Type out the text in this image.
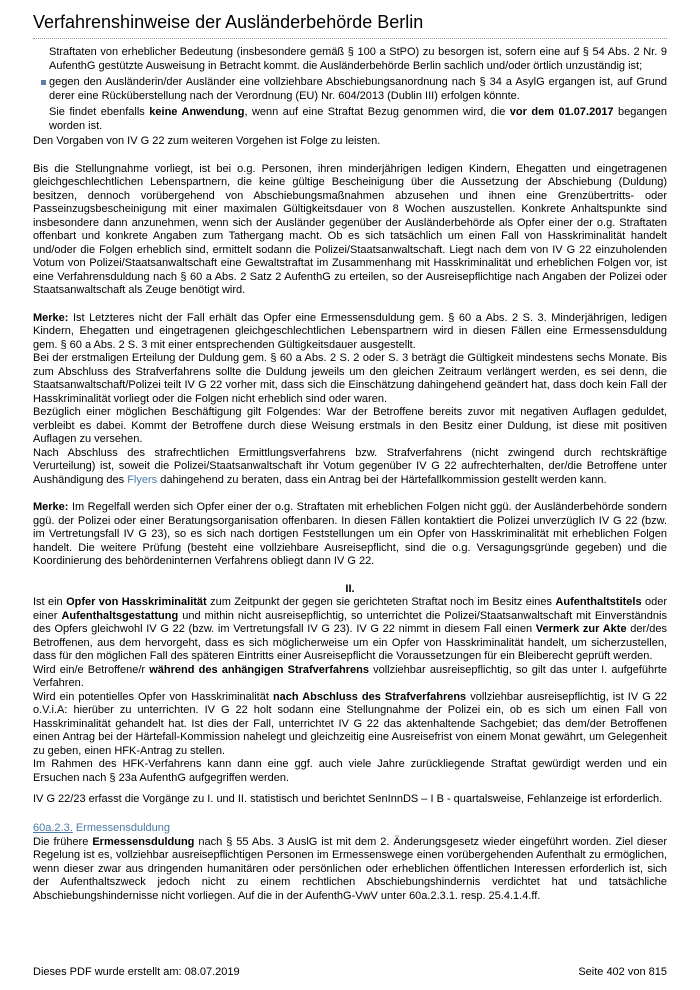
Verfahrenshinweise der Ausländerbehörde Berlin

Straftaten von erheblicher Bedeutung (insbesondere gemäß § 100 a StPO) zu besorgen ist, sofern eine auf § 54 Abs. 2 Nr. 9 AufenthG gestützte Ausweisung in Betracht kommt. die Ausländerbehörde Berlin sachlich und/oder örtlich unzuständig ist;

gegen den Ausländerin/der Ausländer eine vollziehbare Abschiebungsanordnung nach § 34 a AsylG ergangen ist, auf Grund derer eine Rücküberstellung nach der Verordnung (EU) Nr. 604/2013 (Dublin III) erfolgen könnte.

Sie findet ebenfalls keine Anwendung, wenn auf eine Straftat Bezug genommen wird, die vor dem 01.07.2017 begangen worden ist.

Den Vorgaben von IV G 22 zum weiteren Vorgehen ist Folge zu leisten.

Bis die Stellungnahme vorliegt, ist bei o.g. Personen, ihren minderjährigen ledigen Kindern, Ehegatten und eingetragenen gleichgeschlechtlichen Lebenspartnern, die keine gültige Bescheinigung über die Aussetzung der Abschiebung (Duldung) besitzen, dennoch vorübergehend von Abschiebungsmaßnahmen abzusehen und ihnen eine Grenzübertritts- oder Passeinzugsbescheinigung mit einer maximalen Gültigkeitsdauer von 8 Wochen auszustellen. Konkrete Anhaltspunkte sind insbesondere dann anzunehmen, wenn sich der Ausländer gegenüber der Ausländerbehörde als Opfer einer der o.g. Straftaten offenbart und konkrete Angaben zum Tathergang macht. Ob es sich tatsächlich um einen Fall von Hasskriminalität handelt und/oder die Folgen erheblich sind, ermittelt sodann die Polizei/Staatsanwaltschaft. Liegt nach dem von IV G 22 einzuholenden Votum von Polizei/Staatsanwaltschaft eine Gewaltstraftat im Zusammenhang mit Hasskriminalität und erheblichen Folgen vor, ist eine Verfahrensduldung nach § 60 a Abs. 2 Satz 2 AufenthG zu erteilen, so der Ausreisepflichtige nach Angaben der Polizei oder Staatsanwaltschaft als Zeuge benötigt wird.

Merke: Ist Letzteres nicht der Fall erhält das Opfer eine Ermessensduldung gem. § 60 a Abs. 2 S. 3. Minderjährigen, ledigen Kindern, Ehegatten und eingetragenen gleichgeschlechtlichen Lebenspartnern wird in diesen Fällen eine Ermessensduldung gem. § 60 a Abs. 2 S. 3 mit einer entsprechenden Gültigkeitsdauer ausgestellt.

Bei der erstmaligen Erteilung der Duldung gem. § 60 a Abs. 2 S. 2 oder S. 3 beträgt die Gültigkeit mindestens sechs Monate. Bis zum Abschluss des Strafverfahrens sollte die Duldung jeweils um den gleichen Zeitraum verlängert werden, es sei denn, die Staatsanwaltschaft/Polizei teilt IV G 22 vorher mit, dass sich die Einschätzung dahingehend geändert hat, dass doch kein Fall der Hasskriminalität vorliegt oder die Folgen nicht erheblich sind oder waren.

Bezüglich einer möglichen Beschäftigung gilt Folgendes: War der Betroffene bereits zuvor mit negativen Auflagen geduldet, verbleibt es dabei. Kommt der Betroffene durch diese Weisung erstmals in den Besitz einer Duldung, ist diese mit positiven Auflagen zu versehen.

Nach Abschluss des strafrechtlichen Ermittlungsverfahrens bzw. Strafverfahrens (nicht zwingend durch rechtskräftige Verurteilung) ist, soweit die Polizei/Staatsanwaltschaft ihr Votum gegenüber IV G 22 aufrechterhalten, der/die Betroffene unter Aushändigung des Flyers dahingehend zu beraten, dass ein Antrag bei der Härtefallkommission gestellt werden kann.

Merke: Im Regelfall werden sich Opfer einer der o.g. Straftaten mit erheblichen Folgen nicht ggü. der Ausländerbehörde sondern ggü. der Polizei oder einer Beratungsorganisation offenbaren. In diesen Fällen kontaktiert die Polizei unverzüglich IV G 22 (bzw. im Vertretungsfall IV G 23), so es sich nach dortigen Feststellungen um ein Opfer von Hasskriminalität mit erheblichen Folgen handelt. Die weitere Prüfung (besteht eine vollziehbare Ausreisepflicht, sind die o.g. Versagungsgründe gegeben) und die Koordinierung des behördeninternen Verfahrens obliegt dann IV G 22.

II.

Ist ein Opfer von Hasskriminalität zum Zeitpunkt der gegen sie gerichteten Straftat noch im Besitz eines Aufenthaltstitels oder einer Aufenthaltsgestattung und mithin nicht ausreisepflichtig, so unterrichtet die Polizei/Staatsanwaltschaft mit Einverständnis des Opfers gleichwohl IV G 22 (bzw. im Vertretungsfall IV G 23). IV G 22 nimmt in diesem Fall einen Vermerk zur Akte der/des Betroffenen, aus dem hervorgeht, dass es sich möglicherweise um ein Opfer von Hasskriminalität handelt, um sicherzustellen, dass für den möglichen Fall des späteren Eintritts einer Ausreisepflicht die Voraussetzungen für ein Bleiberecht geprüft werden.

Wird ein/e Betroffene/r während des anhängigen Strafverfahrens vollziehbar ausreisepflichtig, so gilt das unter I. aufgeführte Verfahren.

Wird ein potentielles Opfer von Hasskriminalität nach Abschluss des Strafverfahrens vollziehbar ausreisepflichtig, ist IV G 22 o.V.i.A: hierüber zu unterrichten. IV G 22 holt sodann eine Stellungnahme der Polizei ein, ob es sich um einen Fall von Hasskriminalität gehandelt hat. Ist dies der Fall, unterrichtet IV G 22 das aktenhaltende Sachgebiet; das dem/der Betroffenen einen Antrag bei der Härtefall-Kommission nahelegt und gleichzeitig eine Ausreisefrist von einem Monat gewährt, um Gelegenheit zu geben, einen HFK-Antrag zu stellen.

Im Rahmen des HFK-Verfahrens kann dann eine ggf. auch viele Jahre zurückliegende Straftat gewürdigt werden und ein Ersuchen nach § 23a AufenthG aufgegriffen werden.

IV G 22/23 erfasst die Vorgänge zu I. und II. statistisch und berichtet SenInnDS – I B - quartalsweise, Fehlanzeige ist erforderlich.

60a.2.3. Ermessensduldung

Die frühere Ermessensduldung nach § 55 Abs. 3 AuslG ist mit dem 2. Änderungsgesetz wieder eingeführt worden. Ziel dieser Regelung ist es, vollziehbar ausreisepflichtigen Personen im Ermessenswege einen vorübergehenden Aufenthalt zu ermöglichen, wenn dieser zwar aus dringenden humanitären oder persönlichen oder erheblichen öffentlichen Interessen erforderlich ist, sich der Aufenthaltszweck jedoch nicht zu einem rechtlichen Abschiebungshindernis verdichtet hat und tatsächliche Abschiebungshindernisse nicht vorliegen. Auf die in der AufenthG-VwV unter 60a.2.3.1. resp. 25.4.1.4.ff.

Dieses PDF wurde erstellt am: 08.07.2019	Seite 402 von 815
